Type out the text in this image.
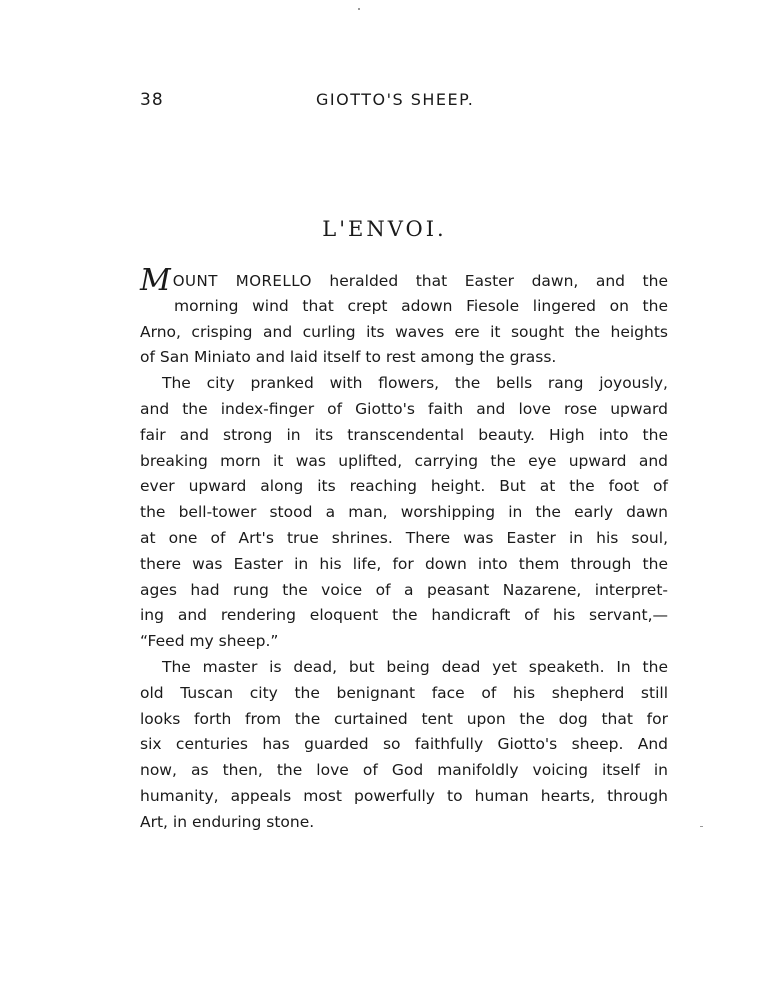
38	GIOTTO'S SHEEP.
L'ENVOI.
MOUNT MORELLO heralded that Easter dawn, and the
morning wind that crept adown Fiesole lingered on the
Arno, crisping and curling its waves ere it sought the heights
of San Miniato and laid itself to rest among the grass.
The city pranked with flowers, the bells rang joyously,
and the index-finger of Giotto's faith and love rose upward
fair and strong in its transcendental beauty. High into the
breaking morn it was uplifted, carrying the eye upward and
ever upward along its reaching height. But at the foot of
the bell-tower stood a man, worshipping in the early dawn
at one of Art's true shrines. There was Easter in his soul,
there was Easter in his life, for down into them through the
ages had rung the voice of a peasant Nazarene, interpret-
ing and rendering eloquent the handicraft of his servant,—
“Feed my sheep.”
The master is dead, but being dead yet speaketh. In the
old Tuscan city the benignant face of his shepherd still
looks forth from the curtained tent upon the dog that for
six centuries has guarded so faithfully Giotto's sheep. And
now, as then, the love of God manifoldly voicing itself in
humanity, appeals most powerfully to human hearts, through
Art, in enduring stone.
